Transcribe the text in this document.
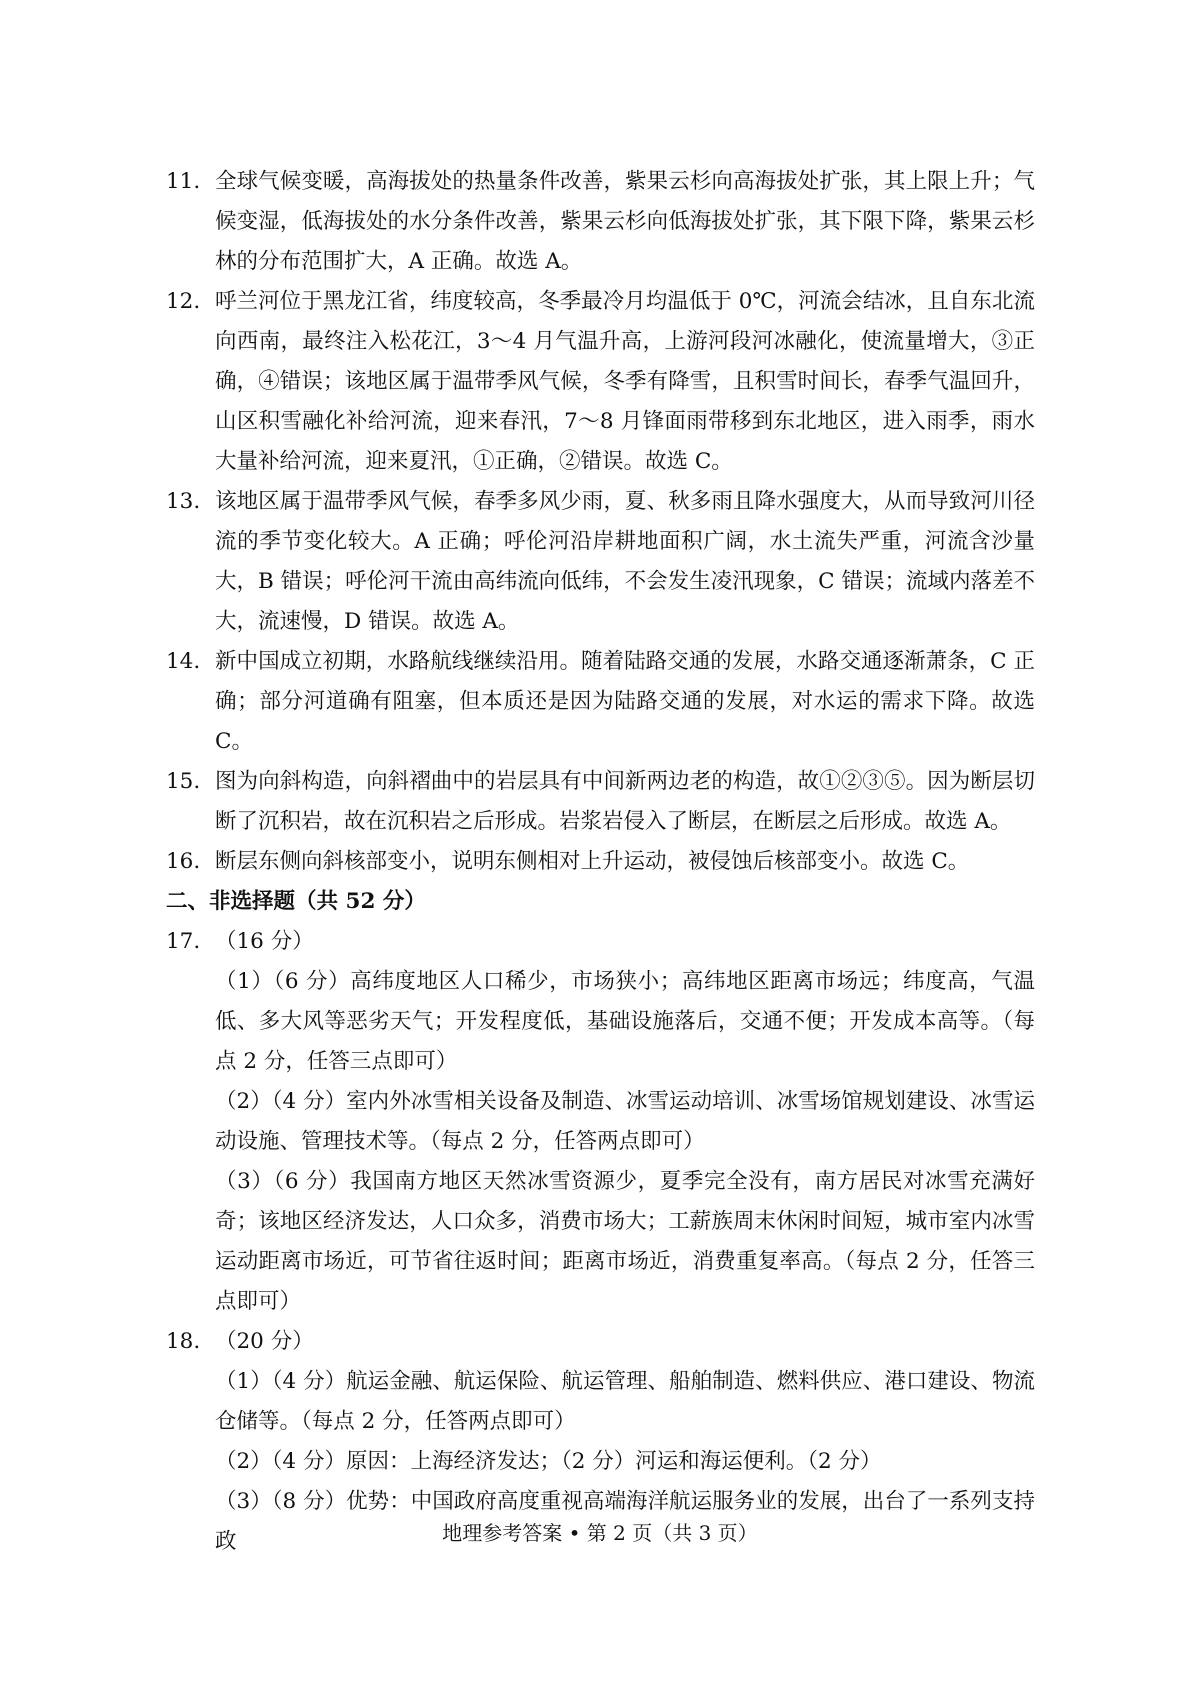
11. 全球气候变暖，高海拔处的热量条件改善，紫果云杉向高海拔处扩张，其上限上升；气候变湿，低海拔处的水分条件改善，紫果云杉向低海拔处扩张，其下限下降，紫果云杉林的分布范围扩大，A 正确。故选 A。
12. 呼兰河位于黑龙江省，纬度较高，冬季最冷月均温低于 0℃，河流会结冰，且自东北流向西南，最终注入松花江，3～4 月气温升高，上游河段河冰融化，使流量增大，③正确，④错误；该地区属于温带季风气候，冬季有降雪，且积雪时间长，春季气温回升，山区积雪融化补给河流，迎来春汛，7～8 月锋面雨带移到东北地区，进入雨季，雨水大量补给河流，迎来夏汛，①正确，②错误。故选 C。
13. 该地区属于温带季风气候，春季多风少雨，夏、秋多雨且降水强度大，从而导致河川径流的季节变化较大。A 正确；呼伦河沿岸耕地面积广阔，水土流失严重，河流含沙量大，B 错误；呼伦河干流由高纬流向低纬，不会发生凌汛现象，C 错误；流域内落差不大，流速慢，D 错误。故选 A。
14. 新中国成立初期，水路航线继续沿用。随着陆路交通的发展，水路交通逐渐萧条，C 正确；部分河道确有阻塞，但本质还是因为陆路交通的发展，对水运的需求下降。故选 C。
15. 图为向斜构造，向斜褶曲中的岩层具有中间新两边老的构造，故①②③⑤。因为断层切断了沉积岩，故在沉积岩之后形成。岩浆岩侵入了断层，在断层之后形成。故选 A。
16. 断层东侧向斜核部变小，说明东侧相对上升运动，被侵蚀后核部变小。故选 C。
二、非选择题（共 52 分）
17. （16 分）
（1）（6 分）高纬度地区人口稀少，市场狭小；高纬地区距离市场远；纬度高，气温低、多大风等恶劣天气；开发程度低，基础设施落后，交通不便；开发成本高等。（每点 2 分，任答三点即可）
（2）（4 分）室内外冰雪相关设备及制造、冰雪运动培训、冰雪场馆规划建设、冰雪运动设施、管理技术等。（每点 2 分，任答两点即可）
（3）（6 分）我国南方地区天然冰雪资源少，夏季完全没有，南方居民对冰雪充满好奇；该地区经济发达，人口众多，消费市场大；工薪族周末休闲时间短，城市室内冰雪运动距离市场近，可节省往返时间；距离市场近，消费重复率高。（每点 2 分，任答三点即可）
18. （20 分）
（1）（4 分）航运金融、航运保险、航运管理、船舶制造、燃料供应、港口建设、物流仓储等。（每点 2 分，任答两点即可）
（2）（4 分）原因：上海经济发达；（2 分）河运和海运便利。（2 分）
（3）（8 分）优势：中国政府高度重视高端海洋航运服务业的发展，出台了一系列支持政	地理参考答案 • 第 2 页（共 3 页）
